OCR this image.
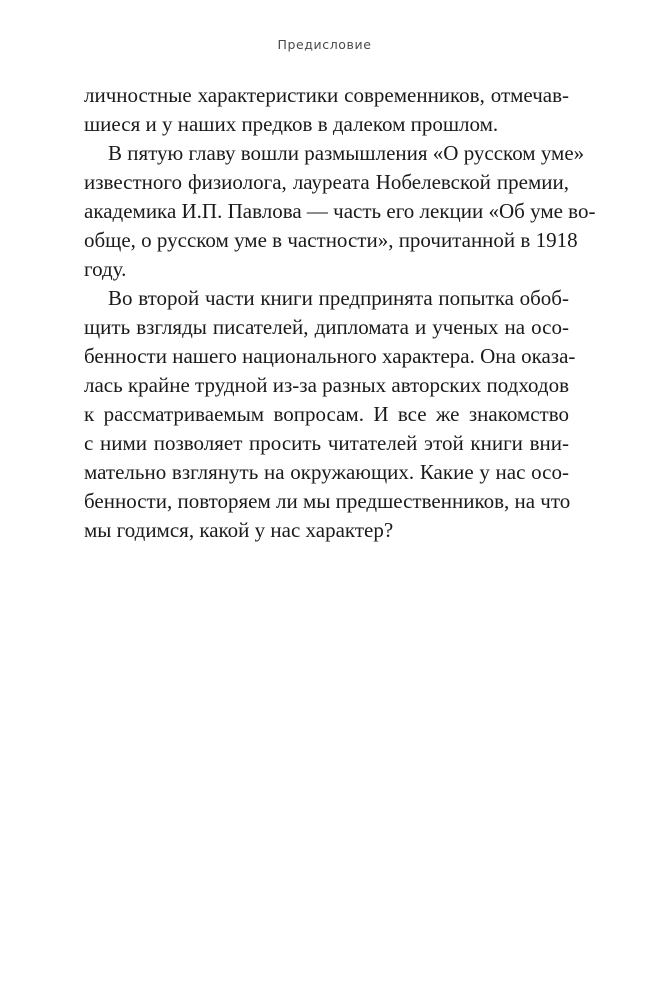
Предисловие
личностные характеристики современников, отмечав-
шиеся и у наших предков в далеком прошлом.
В пятую главу вошли размышления «О русском уме»
известного физиолога, лауреата Нобелевской премии,
академика И.П. Павлова — часть его лекции «Об уме во-
обще, о русском уме в частности», прочитанной в 1918
году.
Во второй части книги предпринята попытка обоб-
щить взгляды писателей, дипломата и ученых на осо-
бенности нашего национального характера. Она оказа-
лась крайне трудной из-за разных авторских подходов
к рассматриваемым вопросам. И все же знакомство
с ними позволяет просить читателей этой книги вни-
мательно взглянуть на окружающих. Какие у нас осо-
бенности, повторяем ли мы предшественников, на что
мы годимся, какой у нас характер?
